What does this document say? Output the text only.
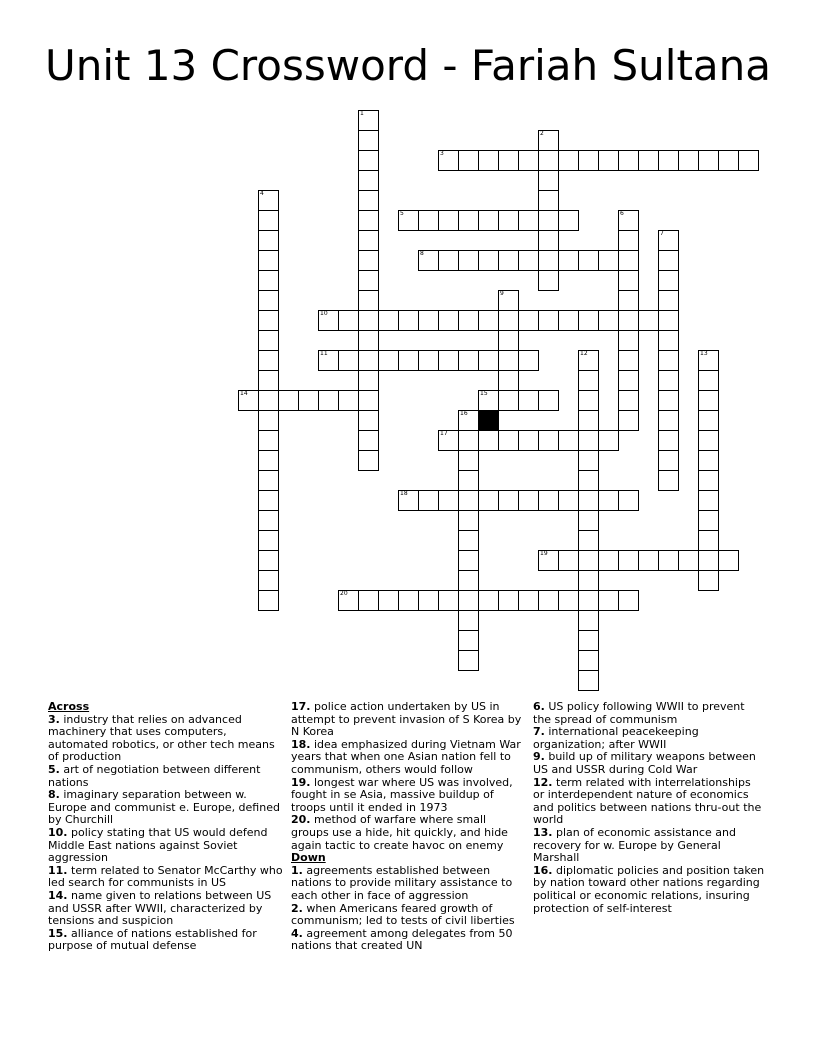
Unit 13 Crossword - Fariah Sultana
1
2
3
4
5	6
7
8
9
10
11	12	13
14	15
16
17
18
19
20
Across
3. industry that relies on advanced machinery that uses computers, automated robotics, or other tech means of production
5. art of negotiation between different nations
8. imaginary separation between w. Europe and communist e. Europe, defined by Churchill
10. policy stating that US would defend Middle East nations against Soviet aggression
11. term related to Senator McCarthy who led search for communists in US
14. name given to relations between US and USSR after WWII, characterized by tensions and suspicion
15. alliance of nations established for purpose of mutual defense
17. police action undertaken by US in attempt to prevent invasion of S Korea by N Korea
18. idea emphasized during Vietnam War years that when one Asian nation fell to communism, others would follow
19. longest war where US was involved, fought in se Asia, massive buildup of troops until it ended in 1973
20. method of warfare where small groups use a hide, hit quickly, and hide again tactic to create havoc on enemy
Down
1. agreements established between nations to provide military assistance to each other in face of aggression
2. when Americans feared growth of communism; led to tests of civil liberties
4. agreement among delegates from 50 nations that created UN
6. US policy following WWII to prevent the spread of communism
7. international peacekeeping organization; after WWII
9. build up of military weapons between US and USSR during Cold War
12. term related with interrelationships or interdependent nature of economics and politics between nations thru-out the world
13. plan of economic assistance and recovery for w. Europe by General Marshall
16. diplomatic policies and position taken by nation toward other nations regarding political or economic relations, insuring protection of self-interest
